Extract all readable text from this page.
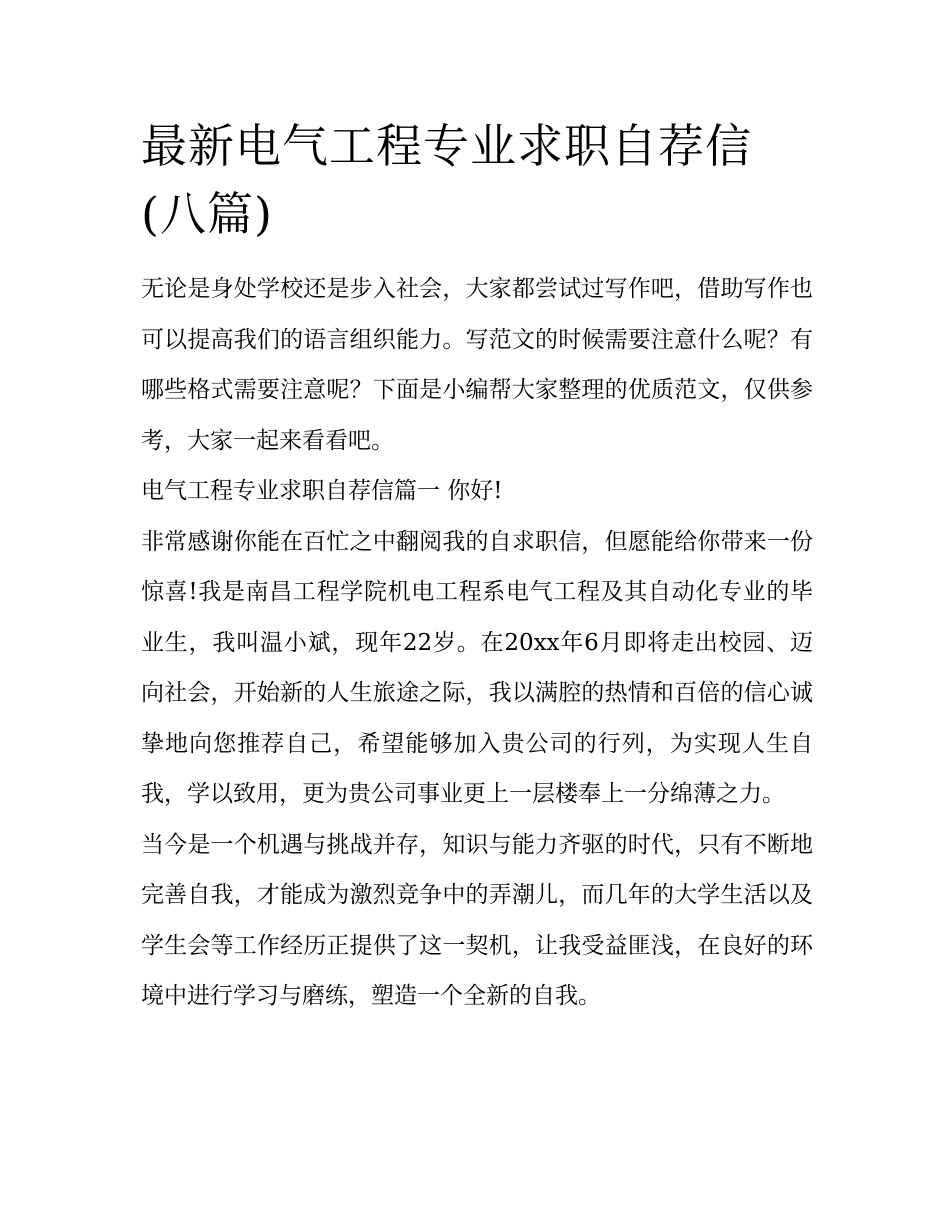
最新电气工程专业求职自荐信(八篇)

无论是身处学校还是步入社会，大家都尝试过写作吧，借助写作也可以提高我们的语言组织能力。写范文的时候需要注意什么呢？有哪些格式需要注意呢？下面是小编帮大家整理的优质范文，仅供参考，大家一起来看看吧。

电气工程专业求职自荐信篇一 你好!

非常感谢你能在百忙之中翻阅我的自求职信，但愿能给你带来一份惊喜!我是南昌工程学院机电工程系电气工程及其自动化专业的毕业生，我叫温小斌，现年22岁。在20xx年6月即将走出校园、迈向社会，开始新的人生旅途之际，我以满腔的热情和百倍的信心诚挚地向您推荐自己，希望能够加入贵公司的行列，为实现人生自我，学以致用，更为贵公司事业更上一层楼奉上一分绵薄之力。

当今是一个机遇与挑战并存，知识与能力齐驱的时代，只有不断地完善自我，才能成为激烈竞争中的弄潮儿，而几年的大学生活以及学生会等工作经历正提供了这一契机，让我受益匪浅，在良好的环境中进行学习与磨练，塑造一个全新的自我。
